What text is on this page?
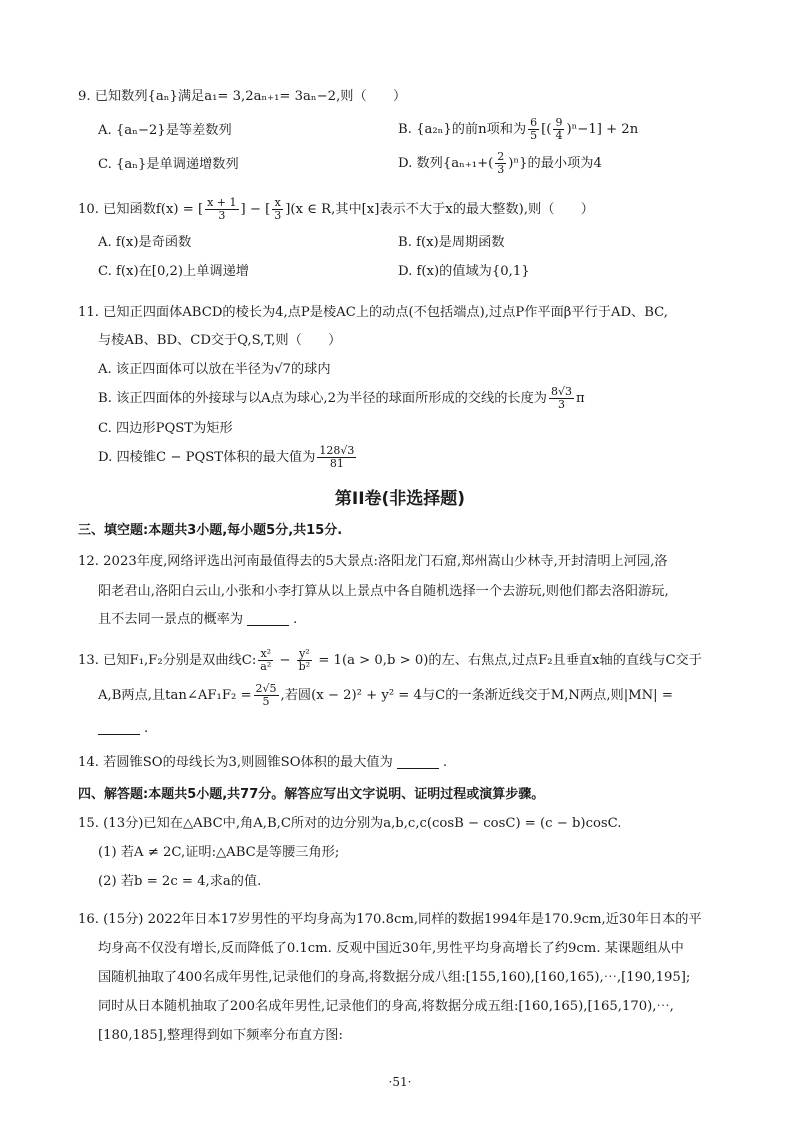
9. 已知数列{aₙ}满足a₁= 3,2aₙ₊₁= 3aₙ−2,则（　　）
A. {aₙ−2}是等差数列	B. {a₂ₙ}的前n项和为 $\frac{6}{5}$ [( $\frac{9}{4} )^n-1] + 2n$
C. {aₙ}是单调递增数列	D. 数列$\{a_{n+1}+( \frac{2}{3} )^n\}$的最小项为4
10. 已知函数f(x) = [ $\frac{x + 1}{3}$ ] − [ $\frac{x}{3} ](x$ ∈ R,其中[x]表示不大于x的最大整数),则（　　）
A. f(x)是奇函数	B. f(x)是周期函数
C. f(x)在[0,2)上单调递增	D. f(x)的值域为{0,1}
11. 已知正四面体ABCD的棱长为4,点P是棱AC上的动点(不包括端点),过点P作平面β平行于AD、BC,
与棱AB、BD、CD交于Q,S,T,则（　　）
A. 该正四面体可以放在半径为√7的球内
B. 该正四面体的外接球与以A点为球心,2为半径的球面所形成的交线的长度为 $\frac{8√3}{3}$ π
C. 四边形PQST为矩形
D. 四棱锥C − PQST体积的最大值为 $\frac{128√3}{81}$
第II卷(非选择题)
三、填空题:本题共3小题,每小题5分,共15分.
12. 2023年度,网络评选出河南最值得去的5大景点:洛阳龙门石窟,郑州嵩山少林寺,开封清明上河园,洛
阳老君山,洛阳白云山,小张和小李打算从以上景点中各自随机选择一个去游玩,则他们都去洛阳游玩,
且不去同一景点的概率为	.
13. 已知F₁,F₂分别是双曲线C: $\frac{\text{x²}}{\text{a²}} - \frac{\text{y²}}{\text{b²}} = 1(a > 0,b > 0)$的左、右焦点,过点F₂且垂直x轴的直线与C交于
A,B两点,且tan∠AF₁F₂ = $\frac{2√5}{5}$ ,若圆(x − 2)² + y² = 4与C的一条渐近线交于M,N两点,则|MN| =
.
14. 若圆锥SO的母线长为3,则圆锥SO体积的最大值为	.
四、解答题:本题共5小题,共77分。解答应写出文字说明、证明过程或演算步骤。
15. (13分)已知在△ABC中,角A,B,C所对的边分别为a,b,c,c(cosB − cosC) = (c − b)cosC.
(1) 若A ≠ 2C,证明:△ABC是等腰三角形;
(2) 若b = 2c = 4,求a的值.
16. (15分) 2022年日本17岁男性的平均身高为170.8cm,同样的数据1994年是170.9cm,近30年日本的平
均身高不仅没有增长,反而降低了0.1cm. 反观中国近30年,男性平均身高增长了约9cm. 某课题组从中
国随机抽取了400名成年男性,记录他们的身高,将数据分成八组:[155,160),[160,165),⋯,[190,195];
同时从日本随机抽取了200名成年男性,记录他们的身高,将数据分成五组:[160,165),[165,170),⋯,
[180,185],整理得到如下频率分布直方图:
·51·
